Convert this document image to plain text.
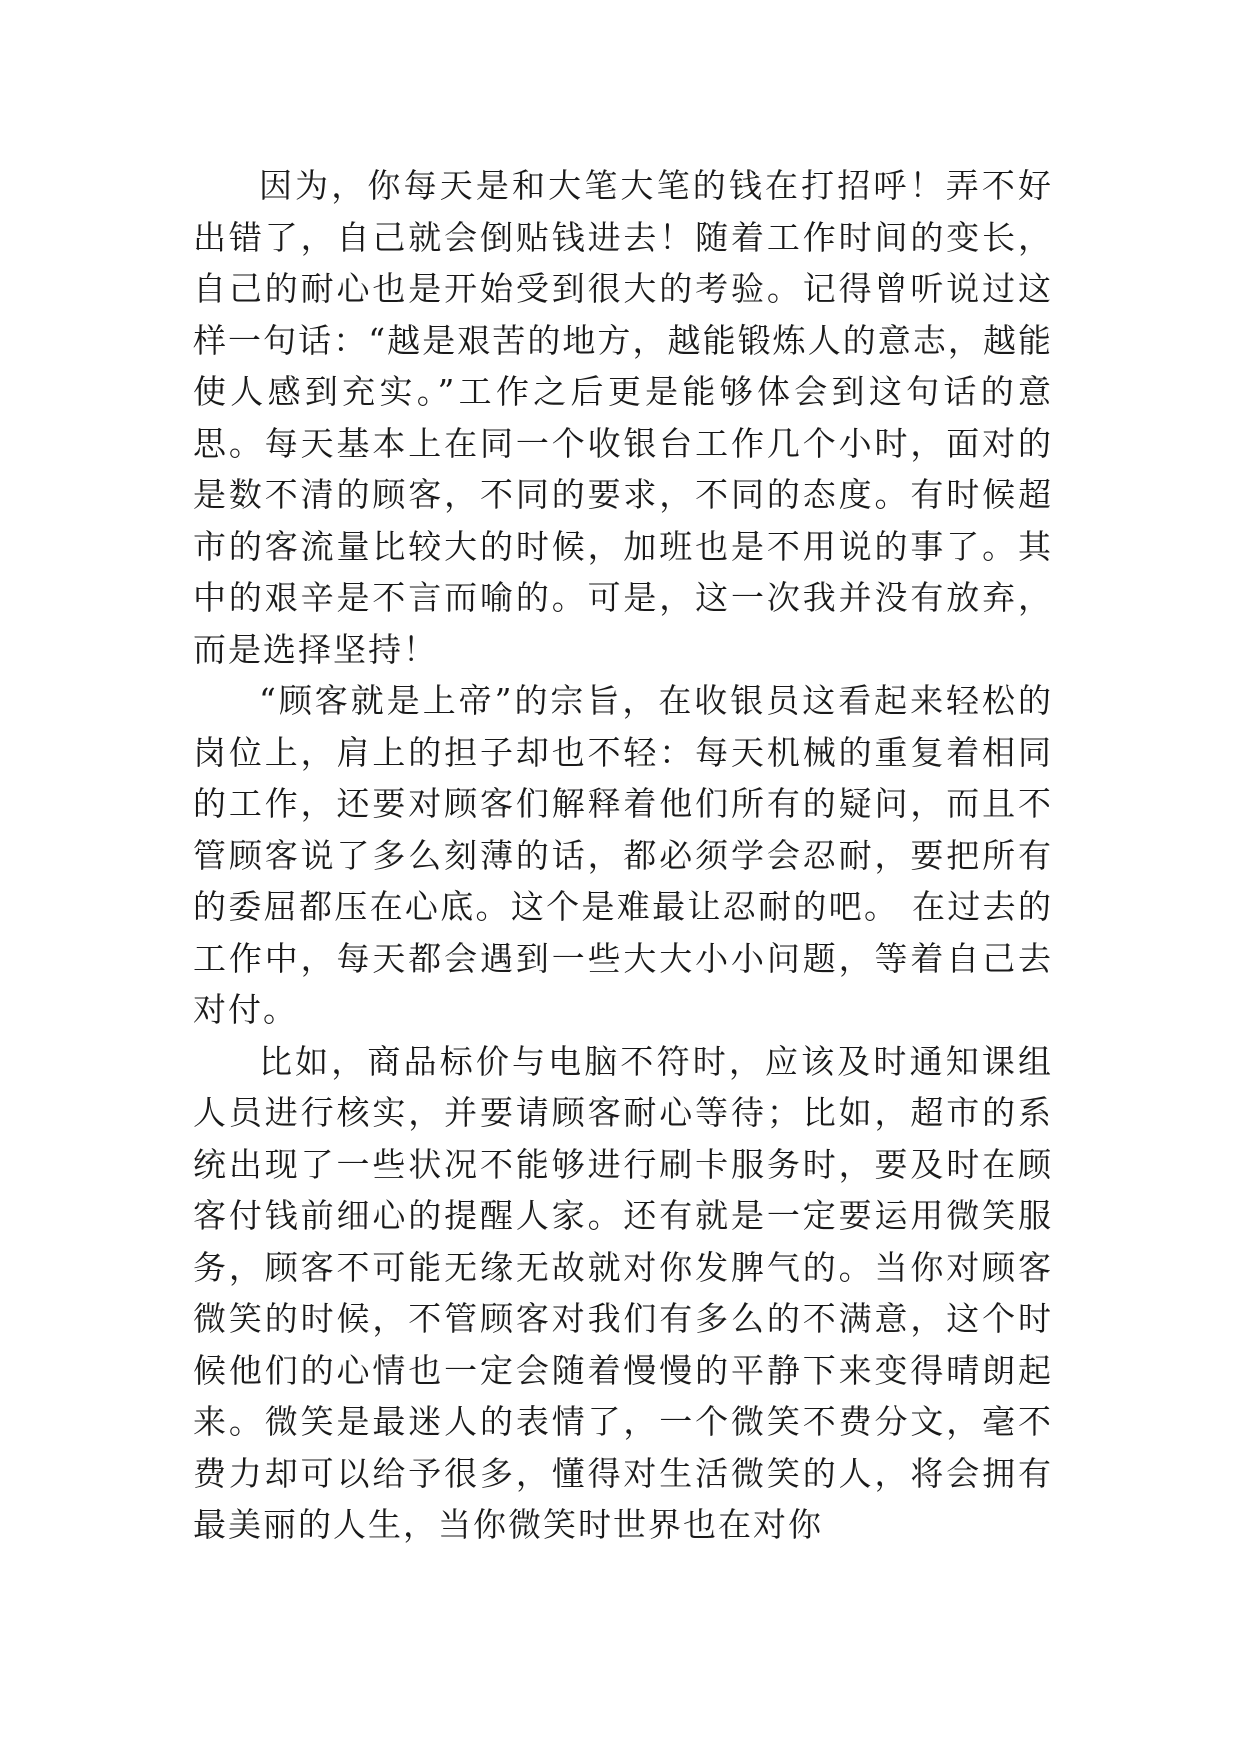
因为，你每天是和大笔大笔的钱在打招呼！弄不好出错了，自己就会倒贴钱进去！随着工作时间的变长，自己的耐心也是开始受到很大的考验。记得曾听说过这样一句话：“越是艰苦的地方，越能锻炼人的意志，越能使人感到充实。”工作之后更是能够体会到这句话的意思。每天基本上在同一个收银台工作几个小时，面对的是数不清的顾客，不同的要求，不同的态度。有时候超市的客流量比较大的时候，加班也是不用说的事了。其中的艰辛是不言而喻的。可是，这一次我并没有放弃，而是选择坚持！

“顾客就是上帝”的宗旨，在收银员这看起来轻松的岗位上，肩上的担子却也不轻：每天机械的重复着相同的工作，还要对顾客们解释着他们所有的疑问，而且不管顾客说了多么刻薄的话，都必须学会忍耐，要把所有的委屈都压在心底。这个是难最让忍耐的吧。 在过去的工作中，每天都会遇到一些大大小小问题，等着自己去对付。

比如，商品标价与电脑不符时，应该及时通知课组人员进行核实，并要请顾客耐心等待；比如，超市的系统出现了一些状况不能够进行刷卡服务时，要及时在顾客付钱前细心的提醒人家。还有就是一定要运用微笑服务，顾客不可能无缘无故就对你发脾气的。当你对顾客微笑的时候，不管顾客对我们有多么的不满意，这个时候他们的心情也一定会随着慢慢的平静下来变得晴朗起来。微笑是最迷人的表情了，一个微笑不费分文，毫不费力却可以给予很多，懂得对生活微笑的人，将会拥有最美丽的人生，当你微笑时世界也在对你
